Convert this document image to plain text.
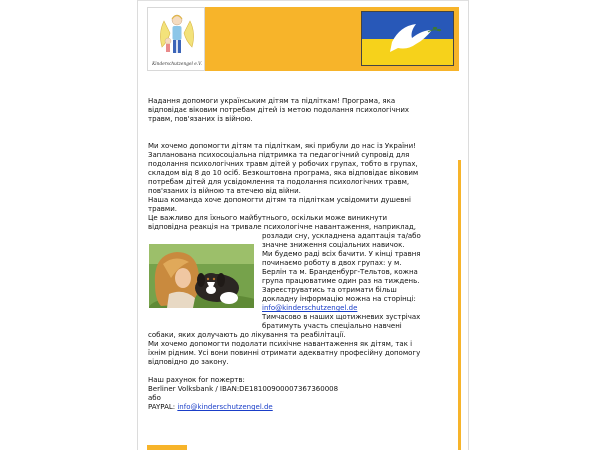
Kinderschutzengel e.V.

Надання допомоги українським дітям та підліткам! Програма, яка

відповідає віковим потребам дітей із метою подолання психологічних

травм, пов'язаних із війною.

Ми хочемо допомогти дітям та підліткам, які прибули до нас із України!

Запланована психосоціальна підтримка та педагогічний супровід для

подолання психологічних травм дітей у робочих групах, тобто в групах,

складом від 8 до 10 осіб. Безкоштовна програма, яка відповідає віковим

потребам дітей для усвідомлення та подолання психологічних травм,

пов'язаних із війною та втечею від війни.

Наша команда хоче допомогти дітям та підліткам усвідомити душевні

травми.

Це важливо для їхнього майбутнього, оскільки може виникнути

відповідна реакція на тривале психологічне навантаження, наприклад,

розлади сну, ускладнена адаптація та/або

значне зниження соціальних навичок.

Ми будемо раді всіх бачити. У кінці травня

починаємо роботу в двох групах: у м.

Берлін та м. Бранденбург-Тельтов, кожна

група працюватиме один раз на тиждень.

Зареєструватись та отримати більш

докладну інформацію можна на сторінці:

info@kinderschutzengel.de

Тимчасово в наших щотижневих зустрічах

братимуть участь спеціально навчені

собаки, яких долучають до лікування та реабілітації.

Ми хочемо допомогти подолати психічне навантаження як дітям, так і

їхнім рідним. Усі вони повинні отримати адекватну професійну допомогу

відповідно до закону.

Наш рахунок for пожертв:

Berliner Volksbank / IBAN:DE18100900007367360008

або

PAYPAL: info@kinderschutzengel.de
